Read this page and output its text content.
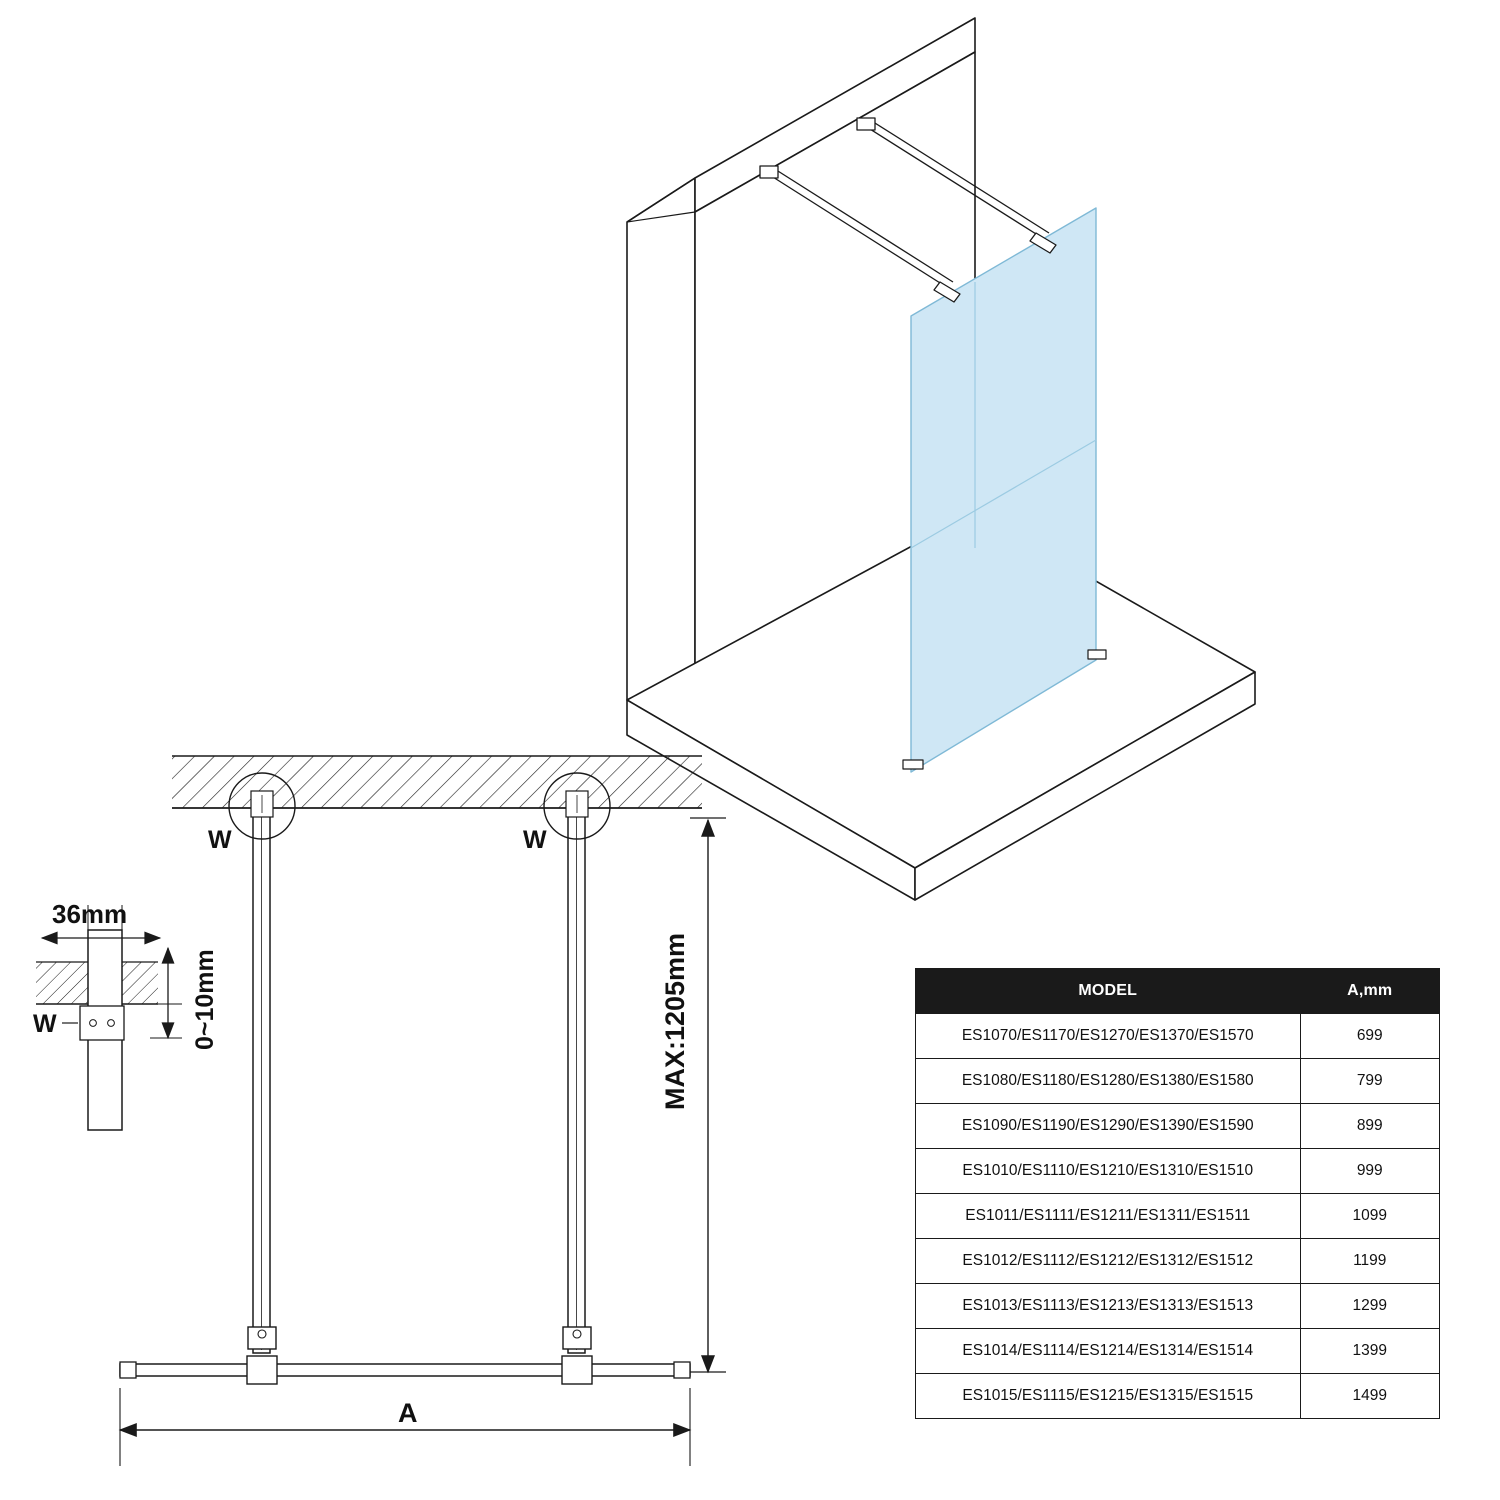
W	W
W
36mm
0~10mm	MAX:1205mm
A
MODEL	A,mm
ES1070/ES1170/ES1270/ES1370/ES1570	699
ES1080/ES1180/ES1280/ES1380/ES1580	799
ES1090/ES1190/ES1290/ES1390/ES1590	899
ES1010/ES1110/ES1210/ES1310/ES1510	999
ES1011/ES1111/ES1211/ES1311/ES1511	1099
ES1012/ES1112/ES1212/ES1312/ES1512	1199
ES1013/ES1113/ES1213/ES1313/ES1513	1299
ES1014/ES1114/ES1214/ES1314/ES1514	1399
ES1015/ES1115/ES1215/ES1315/ES1515	1499
